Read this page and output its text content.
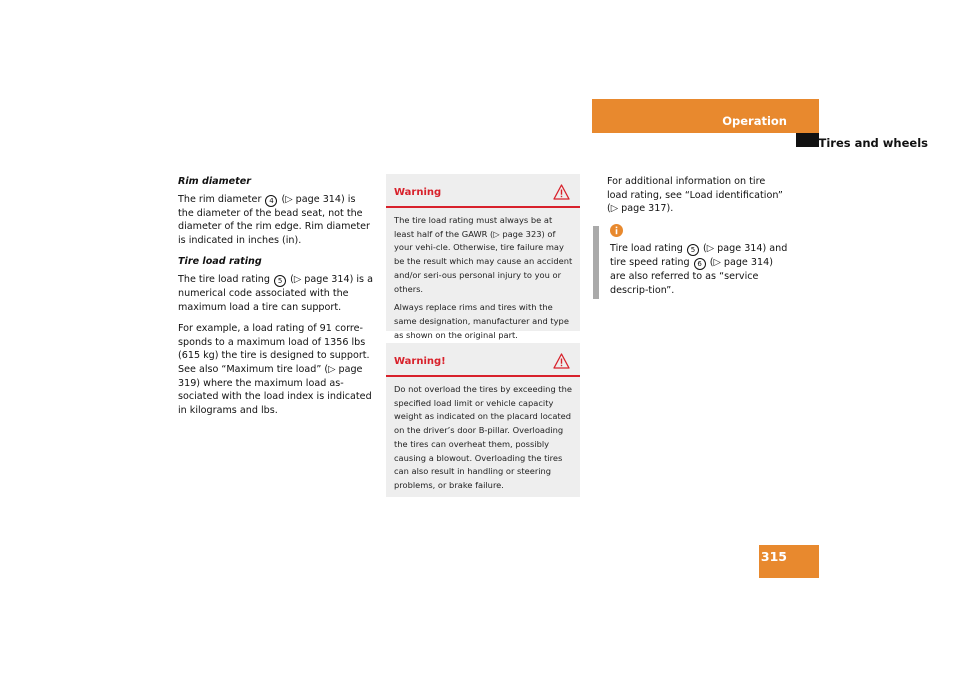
Operation
Tires and wheels

Rim diameter

The rim diameter 4 (▷ page 314) is the diameter of the bead seat, not the diameter of the rim edge. Rim diameter is indicated in inches (in).

Tire load rating

The tire load rating 5 (▷ page 314) is a numerical code associated with the maximum load a tire can support.

For example, a load rating of 91 corre-sponds to a maximum load of 1356 lbs (615 kg) the tire is designed to support. See also “Maximum tire load” (▷ page 319) where the maximum load as-sociated with the load index is indicated in kilograms and lbs.

Warning

The tire load rating must always be at least half of the GAWR (▷ page 323) of your vehi-cle. Otherwise, tire failure may be the result which may cause an accident and/or seri-ous personal injury to you or others.

Always replace rims and tires with the same designation, manufacturer and type as shown on the original part.

Warning!

Do not overload the tires by exceeding the specified load limit or vehicle capacity weight as indicated on the placard located on the driver’s door B-pillar. Overloading the tires can overheat them, possibly causing a blowout. Overloading the tires can also result in handling or steering problems, or brake failure.

For additional information on tire load rating, see “Load identification” (▷ page 317).

Tire load rating 5 (▷ page 314) and tire speed rating 6 (▷ page 314) are also referred to as “service descrip-tion”.
315
